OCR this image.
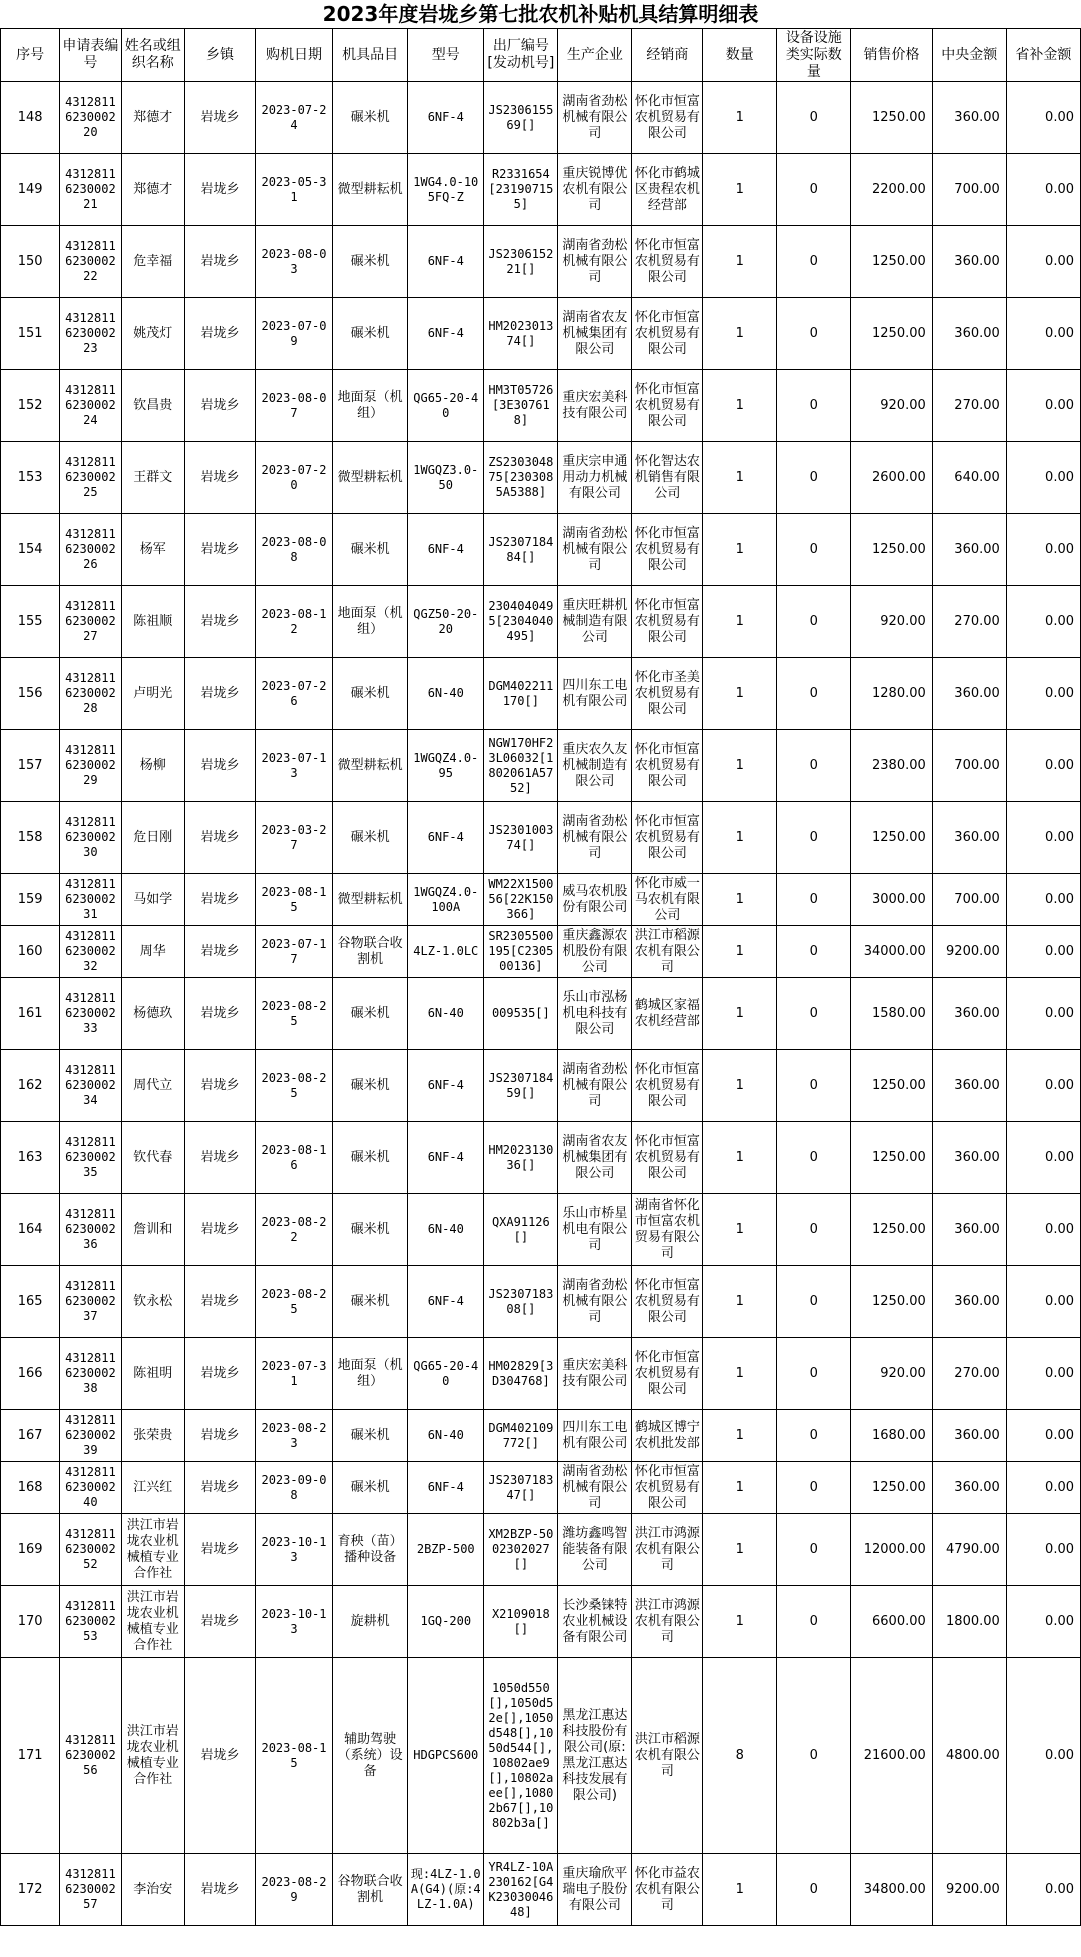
2023年度岩垅乡第七批农机补贴机具结算明细表
序号	申请表编号	姓名或组织名称	乡镇	购机日期	机具品目	型号	出厂编号[发动机号]	生产企业	经销商	数量	设备设施类实际数量	销售价格	中央金额	省补金额
148	4312811623000220	郑德才	岩垅乡	2023-07-24	碾米机	6NF-4	JS230615569[]	湖南省劲松机械有限公司	怀化市恒富农机贸易有限公司	1	0	1250.00	360.00	0.00
149	4312811623000221	郑德才	岩垅乡	2023-05-31	微型耕耘机	1WG4.0-105FQ-Z	R2331654[231907155]	重庆锐博优农机有限公司	怀化市鹤城区贵程农机经营部	1	0	2200.00	700.00	0.00
150	4312811623000222	危幸福	岩垅乡	2023-08-03	碾米机	6NF-4	JS230615221[]	湖南省劲松机械有限公司	怀化市恒富农机贸易有限公司	1	0	1250.00	360.00	0.00
151	4312811623000223	姚茂灯	岩垅乡	2023-07-09	碾米机	6NF-4	HM202301374[]	湖南省农友机械集团有限公司	怀化市恒富农机贸易有限公司	1	0	1250.00	360.00	0.00
152	4312811623000224	钦昌贵	岩垅乡	2023-08-07	地面泵（机组）	QG65-20-40	HM3T05726[3E307618]	重庆宏美科技有限公司	怀化市恒富农机贸易有限公司	1	0	920.00	270.00	0.00
153	4312811623000225	王群文	岩垅乡	2023-07-20	微型耕耘机	1WGQZ3.0-50	ZS230304875[2303085A5388]	重庆宗申通用动力机械有限公司	怀化智达农机销售有限公司	1	0	2600.00	640.00	0.00
154	4312811623000226	杨军	岩垅乡	2023-08-08	碾米机	6NF-4	JS230718484[]	湖南省劲松机械有限公司	怀化市恒富农机贸易有限公司	1	0	1250.00	360.00	0.00
155	4312811623000227	陈祖顺	岩垅乡	2023-08-12	地面泵（机组）	QGZ50-20-20	2304040495[2304040495]	重庆旺耕机械制造有限公司	怀化市恒富农机贸易有限公司	1	0	920.00	270.00	0.00
156	4312811623000228	卢明光	岩垅乡	2023-07-26	碾米机	6N-40	DGM402211170[]	四川东工电机有限公司	怀化市圣美农机贸易有限公司	1	0	1280.00	360.00	0.00
157	4312811623000229	杨柳	岩垅乡	2023-07-13	微型耕耘机	1WGQZ4.0-95	NGW170HF23L06032[1802061A5752]	重庆农久友机械制造有限公司	怀化市恒富农机贸易有限公司	1	0	2380.00	700.00	0.00
158	4312811623000230	危日刚	岩垅乡	2023-03-27	碾米机	6NF-4	JS230100374[]	湖南省劲松机械有限公司	怀化市恒富农机贸易有限公司	1	0	1250.00	360.00	0.00
159	4312811623000231	马如学	岩垅乡	2023-08-15	微型耕耘机	1WGQZ4.0-100A	WM22X150056[22K150366]	威马农机股份有限公司	怀化市威一马农机有限公司	1	0	3000.00	700.00	0.00
160	4312811623000232	周华	岩垅乡	2023-07-17	谷物联合收割机	4LZ-1.0LC	SR2305500195[C230500136]	重庆鑫源农机股份有限公司	洪江市稻源农机有限公司	1	0	34000.00	9200.00	0.00
161	4312811623000233	杨德玖	岩垅乡	2023-08-25	碾米机	6N-40	009535[]	乐山市泓杨机电科技有限公司	鹤城区家福农机经营部	1	0	1580.00	360.00	0.00
162	4312811623000234	周代立	岩垅乡	2023-08-25	碾米机	6NF-4	JS230718459[]	湖南省劲松机械有限公司	怀化市恒富农机贸易有限公司	1	0	1250.00	360.00	0.00
163	4312811623000235	钦代春	岩垅乡	2023-08-16	碾米机	6NF-4	HM202313036[]	湖南省农友机械集团有限公司	怀化市恒富农机贸易有限公司	1	0	1250.00	360.00	0.00
164	4312811623000236	詹训和	岩垅乡	2023-08-22	碾米机	6N-40	QXA91126[]	乐山市桥星机电有限公司	湖南省怀化市恒富农机贸易有限公司	1	0	1250.00	360.00	0.00
165	4312811623000237	钦永松	岩垅乡	2023-08-25	碾米机	6NF-4	JS230718308[]	湖南省劲松机械有限公司	怀化市恒富农机贸易有限公司	1	0	1250.00	360.00	0.00
166	4312811623000238	陈祖明	岩垅乡	2023-07-31	地面泵（机组）	QG65-20-40	HM02829[3D304768]	重庆宏美科技有限公司	怀化市恒富农机贸易有限公司	1	0	920.00	270.00	0.00
167	4312811623000239	张荣贵	岩垅乡	2023-08-23	碾米机	6N-40	DGM402109772[]	四川东工电机有限公司	鹤城区博宁农机批发部	1	0	1680.00	360.00	0.00
168	4312811623000240	江兴红	岩垅乡	2023-09-08	碾米机	6NF-4	JS230718347[]	湖南省劲松机械有限公司	怀化市恒富农机贸易有限公司	1	0	1250.00	360.00	0.00
169	4312811623000252	洪江市岩垅农业机械植专业合作社	岩垅乡	2023-10-13	育秧（苗）播种设备	2BZP-500	XM2BZP-5002302027[]	潍坊鑫鸣智能装备有限公司	洪江市鸿源农机有限公司	1	0	12000.00	4790.00	0.00
170	4312811623000253	洪江市岩垅农业机械植专业合作社	岩垅乡	2023-10-13	旋耕机	1GQ-200	X2109018[]	长沙桑铼特农业机械设备有限公司	洪江市鸿源农机有限公司	1	0	6600.00	1800.00	0.00
171	4312811623000256	洪江市岩垅农业机械植专业合作社	岩垅乡	2023-08-15	辅助驾驶（系统）设备	HDGPCS600	1050d550[],1050d52e[],1050d548[],1050d544[],10802ae9[],10802aee[],10802b67[],10802b3a[]	黑龙江惠达科技股份有限公司(原:黑龙江惠达科技发展有限公司)	洪江市稻源农机有限公司	8	0	21600.00	4800.00	0.00
172	4312811623000257	李治安	岩垅乡	2023-08-29	谷物联合收割机	现:4LZ-1.0A(G4)(原:4LZ-1.0A)	YR4LZ-10A230162[G4K2303004648]	重庆瑜欣平瑞电子股份有限公司	怀化市益农农机有限公司	1	0	34800.00	9200.00	0.00
